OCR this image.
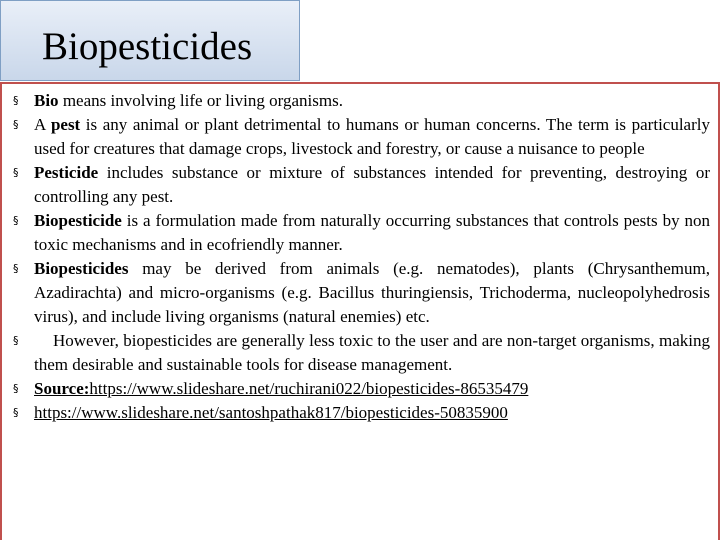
Biopesticides
§ Bio means involving life or living organisms.
§ A pest is any animal or plant detrimental to humans or human concerns. The term is particularly used for creatures that damage crops, livestock and forestry, or cause a nuisance to people
§ Pesticide includes substance or mixture of substances intended for preventing, destroying or controlling any pest.
§ Biopesticide is a formulation made from naturally occurring substances that controls pests by non toxic mechanisms and in ecofriendly manner.
§ Biopesticides may be derived from animals (e.g. nematodes), plants (Chrysanthemum, Azadirachta) and micro-organisms (e.g. Bacillus thuringiensis, Trichoderma, nucleopolyhedrosis virus), and include living organisms (natural enemies) etc.
§ However, biopesticides are generally less toxic to the user and are non-target organisms, making them desirable and sustainable tools for disease management.
§ Source:https://www.slideshare.net/ruchirani022/biopesticides-86535479
§ https://www.slideshare.net/santoshpathak817/biopesticides-50835900
